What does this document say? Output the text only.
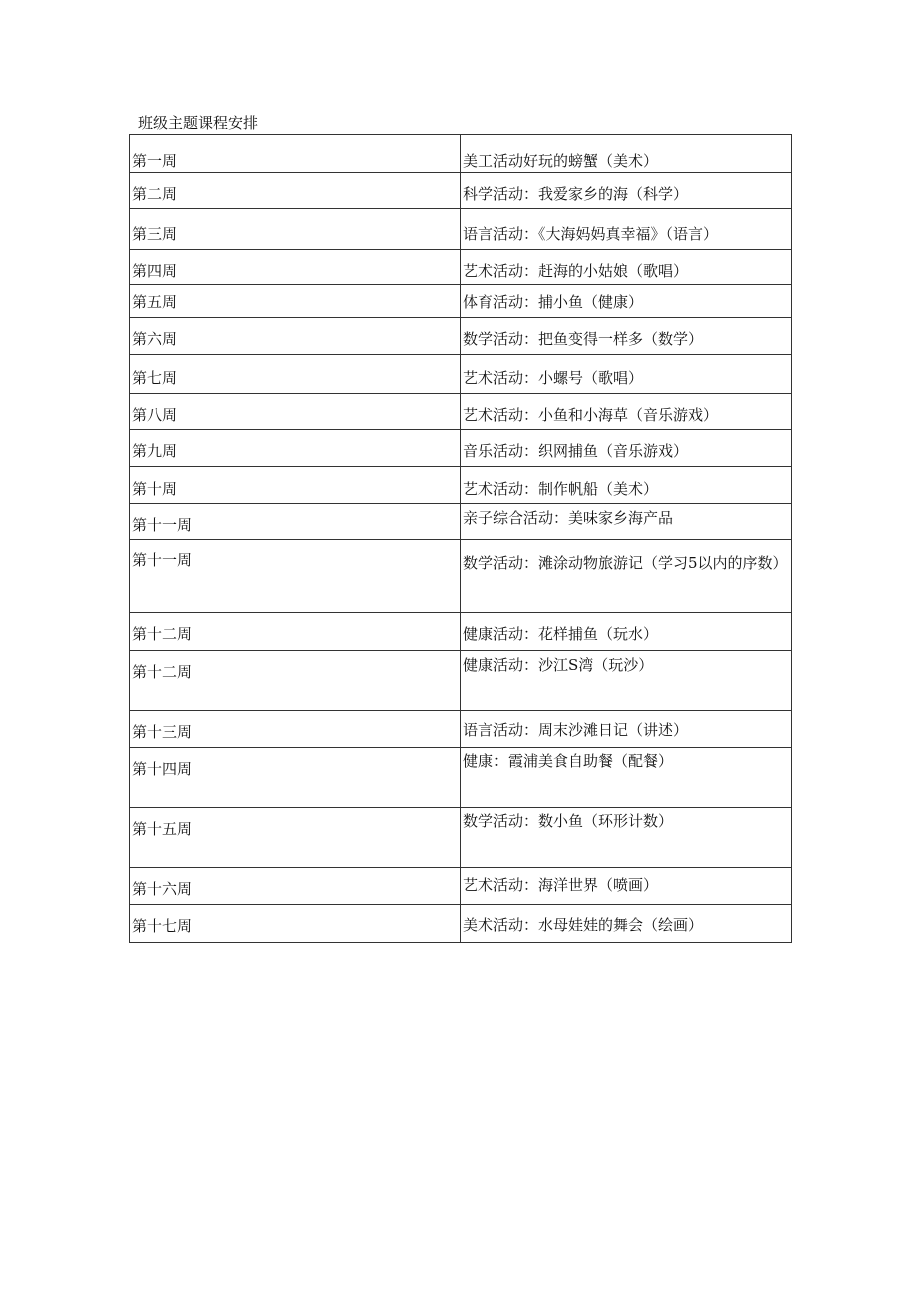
班级主题课程安排
第一周	美工活动好玩的螃蟹（美术）

第二周	科学活动：我爱家乡的海（科学）

第三周	语言活动：《大海妈妈真幸福》（语言）

第四周	艺术活动：赶海的小姑娘（歌唱）

第五周	体育活动：捕小鱼（健康）

第六周	数学活动：把鱼变得一样多（数学）

第七周	艺术活动：小螺号（歌唱）

第八周	艺术活动：小鱼和小海草（音乐游戏）

第九周	音乐活动：织网捕鱼（音乐游戏）

第十周	艺术活动：制作帆船（美术）

第十一周	亲子综合活动：美味家乡海产品

第十一周	数学活动：滩涂动物旅游记（学习5以内的序数）

第十二周	健康活动：花样捕鱼（玩水）

第十二周	健康活动：沙江S湾（玩沙）

第十三周	语言活动：周末沙滩日记（讲述）

第十四周	健康：霞浦美食自助餐（配餐）

第十五周	数学活动：数小鱼（环形计数）

第十六周	艺术活动：海洋世界（喷画）

第十七周	美术活动：水母娃娃的舞会（绘画）
